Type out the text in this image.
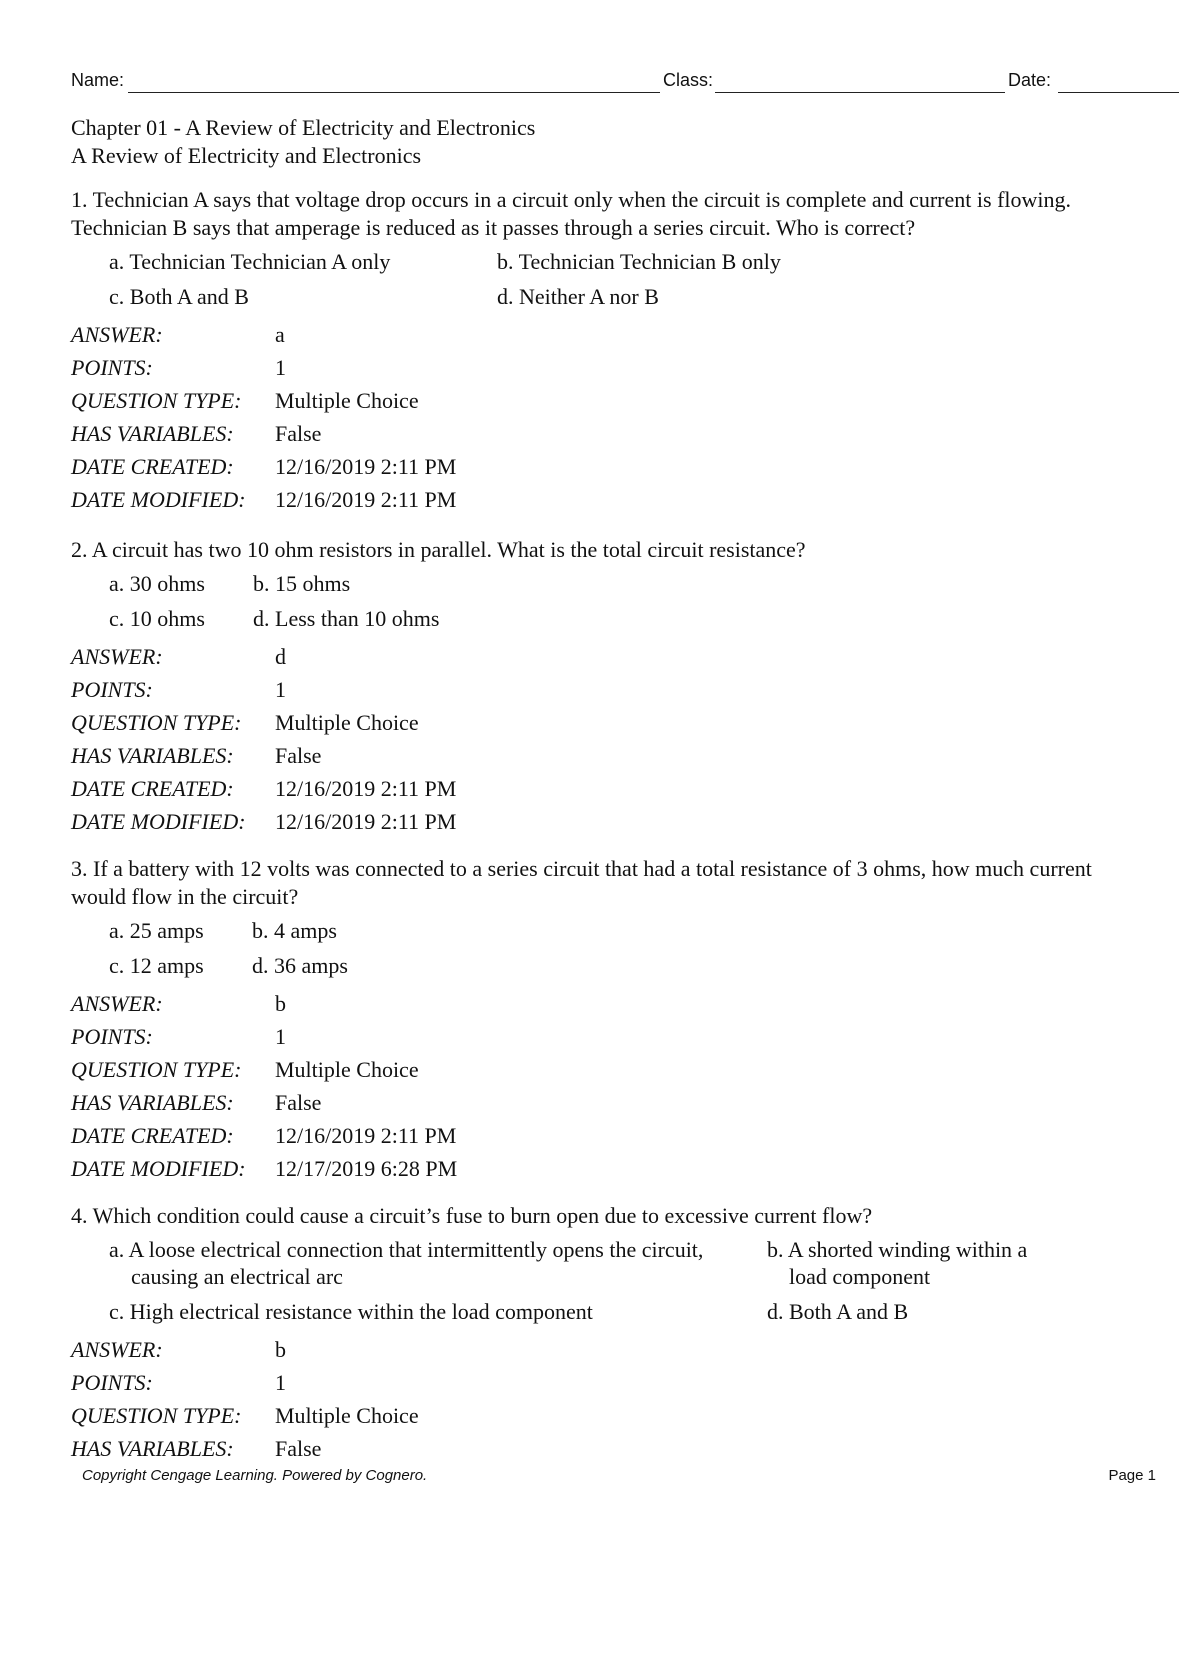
Name:	Class:	Date:
Chapter 01 - A Review of Electricity and Electronics
A Review of Electricity and Electronics

1. Technician A says that voltage drop occurs in a circuit only when the circuit is complete and current is flowing. Technician B says that amperage is reduced as it passes through a series circuit. Who is correct?

a. Technician Technician A only	b. Technician Technician B only
c. Both A and B	d. Neither A nor B
ANSWER:	a
POINTS:	1
QUESTION TYPE:	Multiple Choice
HAS VARIABLES:	False
DATE CREATED:	12/16/2019 2:11 PM
DATE MODIFIED:	12/16/2019 2:11 PM

2. A circuit has two 10 ohm resistors in parallel. What is the total circuit resistance?

a. 30 ohms	b. 15 ohms
c. 10 ohms	d. Less than 10 ohms
ANSWER:	d
POINTS:	1
QUESTION TYPE:	Multiple Choice
HAS VARIABLES:	False
DATE CREATED:	12/16/2019 2:11 PM
DATE MODIFIED:	12/16/2019 2:11 PM

3. If a battery with 12 volts was connected to a series circuit that had a total resistance of 3 ohms, how much current would flow in the circuit?

a. 25 amps	b. 4 amps
c. 12 amps	d. 36 amps
ANSWER:	b
POINTS:	1
QUESTION TYPE:	Multiple Choice
HAS VARIABLES:	False
DATE CREATED:	12/16/2019 2:11 PM
DATE MODIFIED:	12/17/2019 6:28 PM

4. Which condition could cause a circuit’s fuse to burn open due to excessive current flow?

a. A loose electrical connection that intermittently opens the circuit, causing an electrical arc
b. A shorted winding within a load component
c. High electrical resistance within the load component	d. Both A and B
ANSWER:	b
POINTS:	1
QUESTION TYPE:	Multiple Choice
HAS VARIABLES:	False
Copyright Cengage Learning. Powered by Cognero.	Page 1
